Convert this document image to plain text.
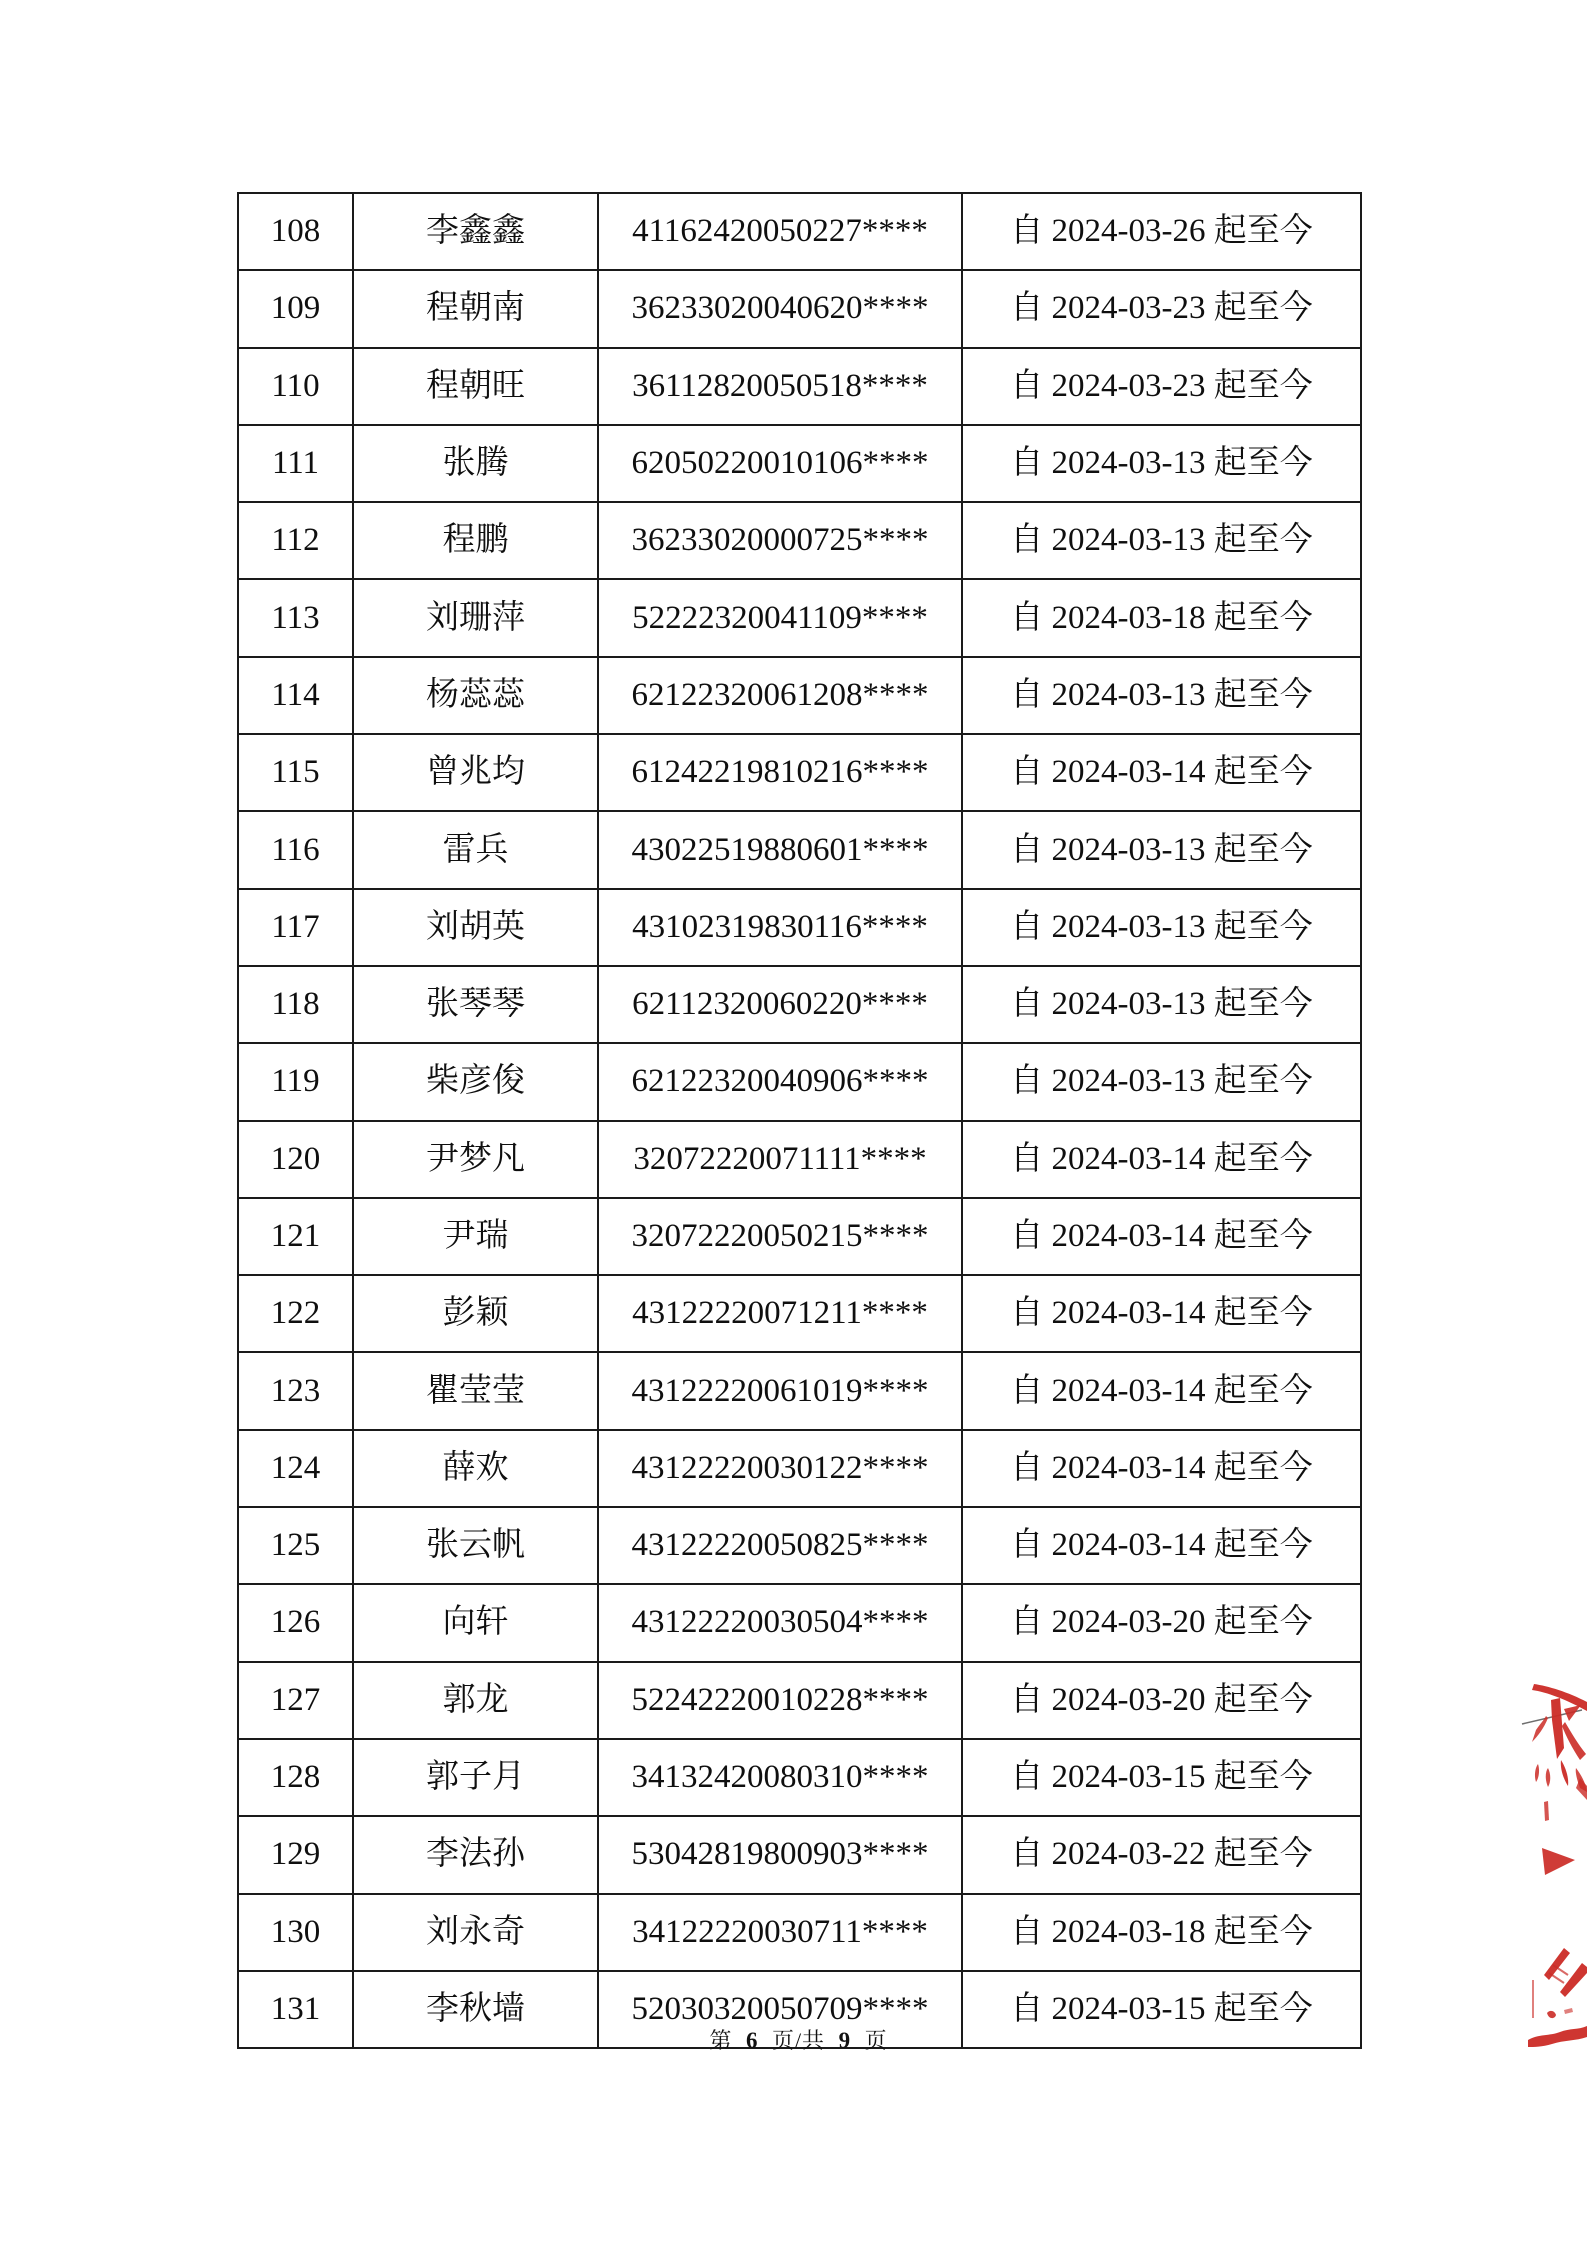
108	李鑫鑫	41162420050227****	自 2024-03-26 起至今
109	程朝南	36233020040620****	自 2024-03-23 起至今
110	程朝旺	36112820050518****	自 2024-03-23 起至今
111	张腾	62050220010106****	自 2024-03-13 起至今
112	程鹏	36233020000725****	自 2024-03-13 起至今
113	刘珊萍	52222320041109****	自 2024-03-18 起至今
114	杨蕊蕊	62122320061208****	自 2024-03-13 起至今
115	曾兆均	61242219810216****	自 2024-03-14 起至今
116	雷兵	43022519880601****	自 2024-03-13 起至今
117	刘胡英	43102319830116****	自 2024-03-13 起至今
118	张琴琴	62112320060220****	自 2024-03-13 起至今
119	柴彦俊	62122320040906****	自 2024-03-13 起至今
120	尹梦凡	32072220071111****	自 2024-03-14 起至今
121	尹瑞	32072220050215****	自 2024-03-14 起至今
122	彭颖	43122220071211****	自 2024-03-14 起至今
123	瞿莹莹	43122220061019****	自 2024-03-14 起至今
124	薛欢	43122220030122****	自 2024-03-14 起至今
125	张云帆	43122220050825****	自 2024-03-14 起至今
126	向轩	43122220030504****	自 2024-03-20 起至今
127	郭龙	52242220010228****	自 2024-03-20 起至今
128	郭子月	34132420080310****	自 2024-03-15 起至今
129	李法孙	53042819800903****	自 2024-03-22 起至今
130	刘永奇	34122220030711****	自 2024-03-18 起至今
131	李秋墙	52030320050709****	自 2024-03-15 起至今
第 6 页/共 9 页
